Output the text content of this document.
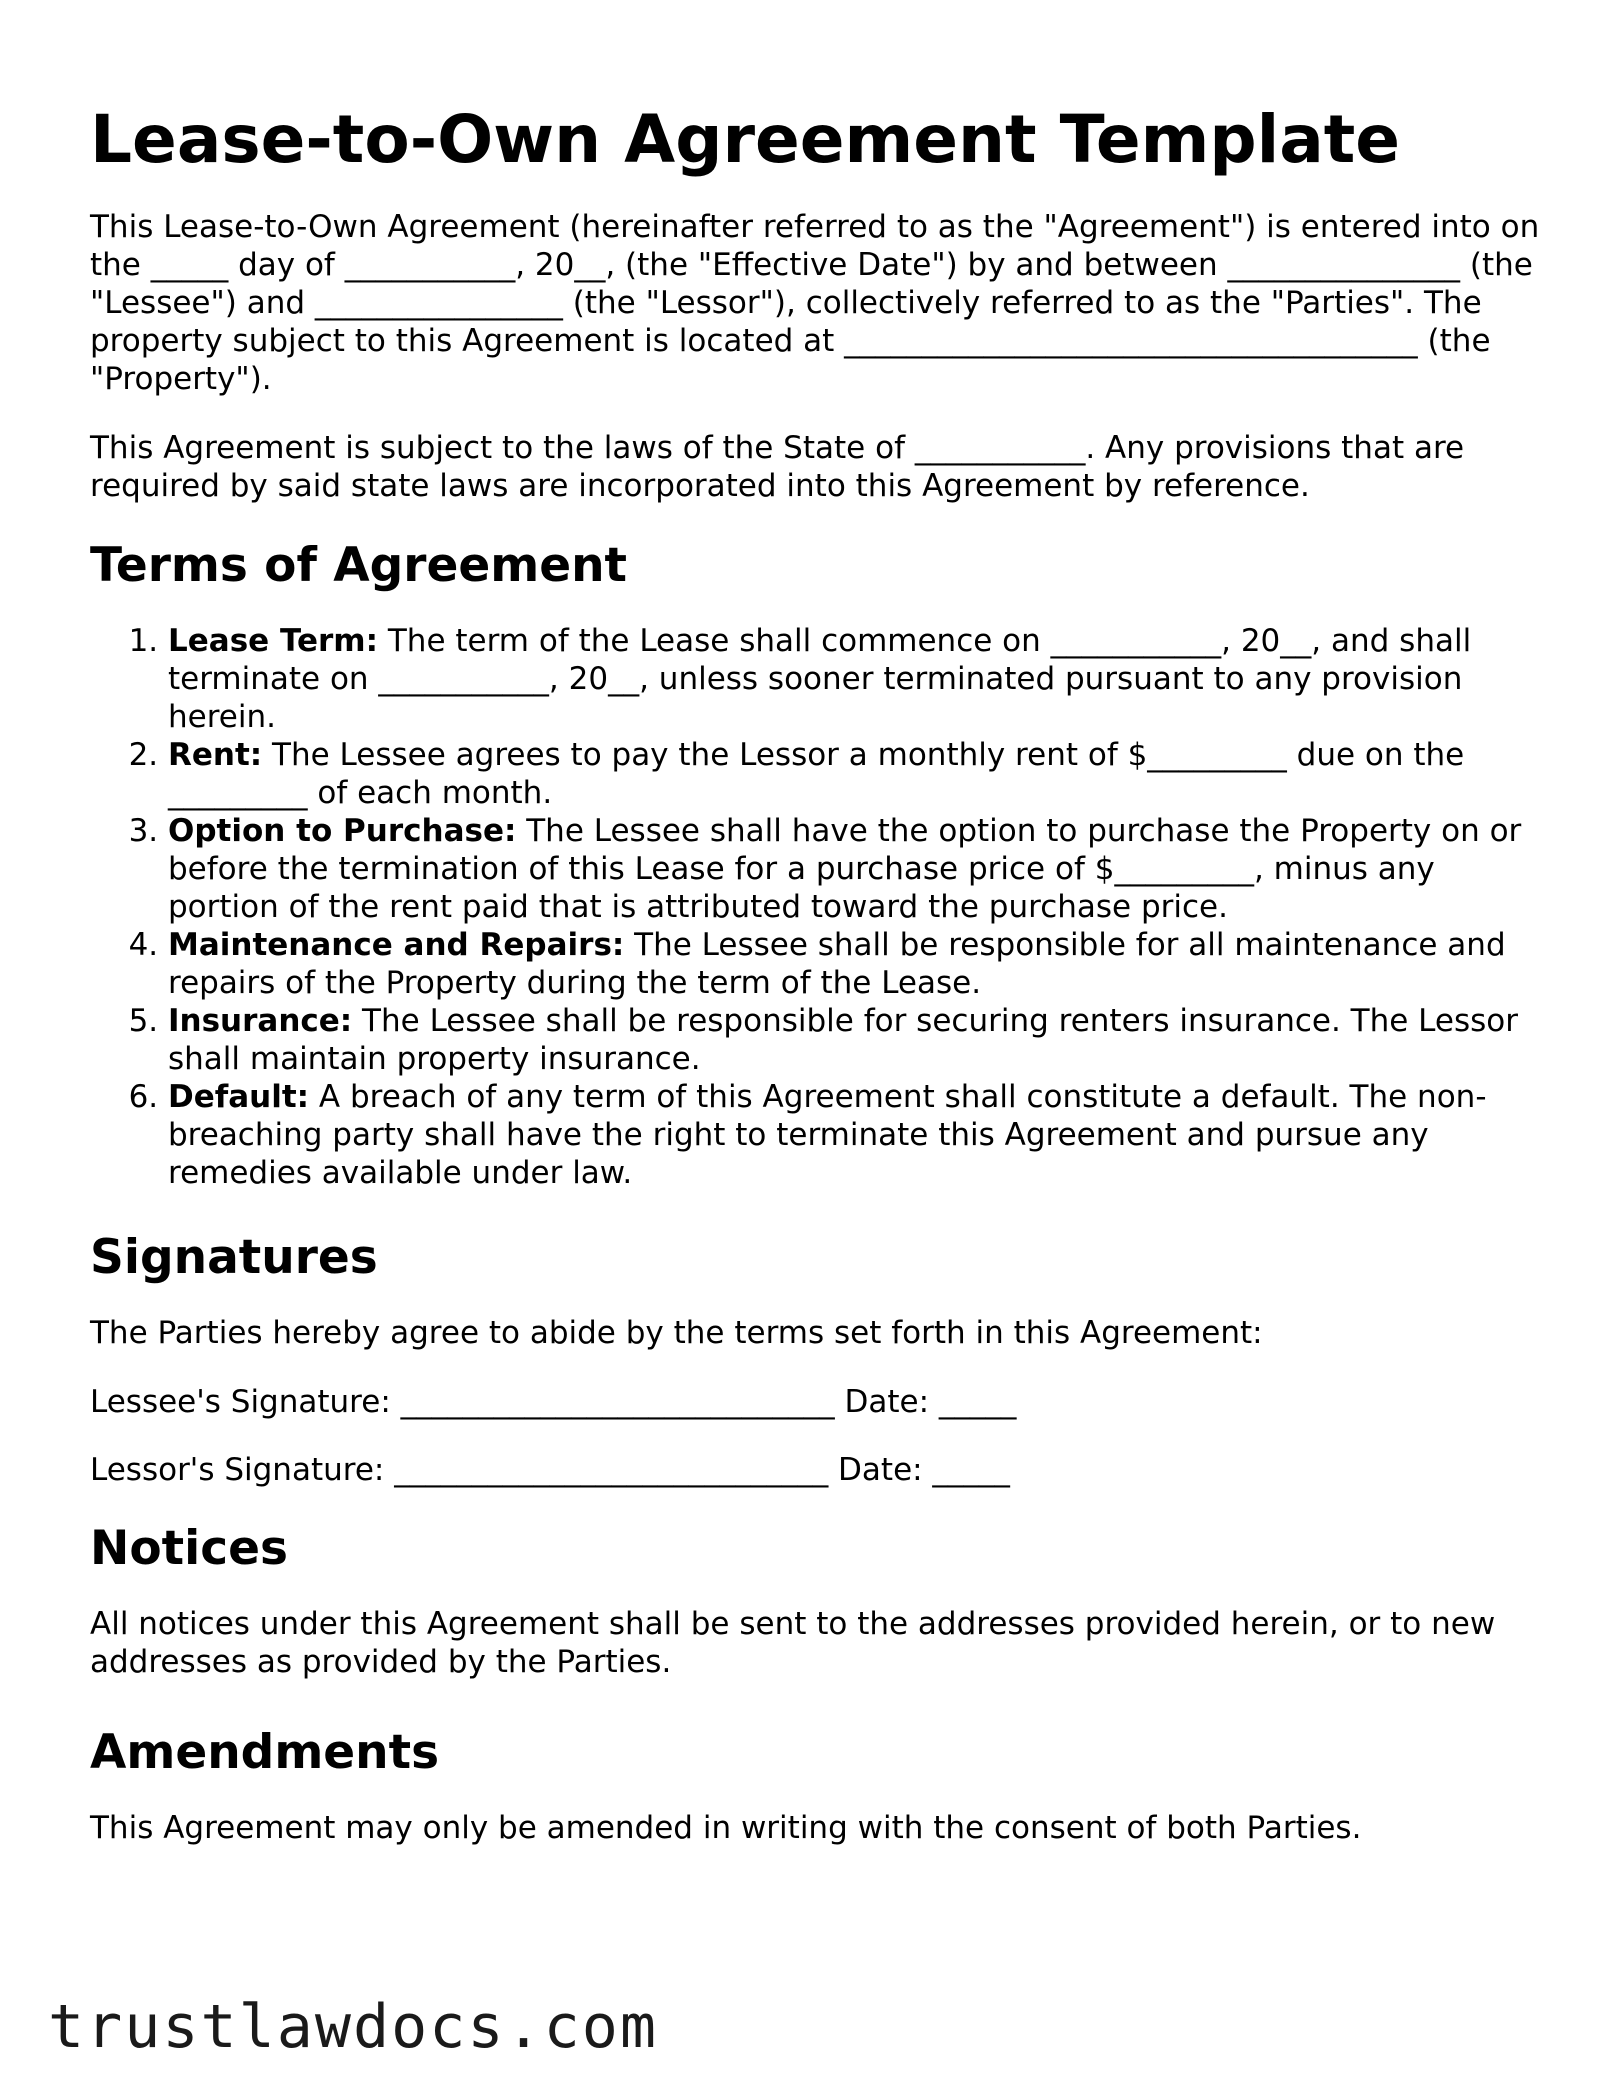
Lease-to-Own Agreement Template

This Lease-to-Own Agreement (hereinafter referred to as the "Agreement") is entered into on the _____ day of ___________, 20__, (the "Effective Date") by and between _______________ (the "Lessee") and ________________ (the "Lessor"), collectively referred to as the "Parties". The property subject to this Agreement is located at _____________________________________ (the "Property").

This Agreement is subject to the laws of the State of ___________. Any provisions that are required by said state laws are incorporated into this Agreement by reference.

Terms of Agreement
1. Lease Term: The term of the Lease shall commence on ___________, 20__, and shall terminate on ___________, 20__, unless sooner terminated pursuant to any provision herein.
2. Rent: The Lessee agrees to pay the Lessor a monthly rent of $_________ due on the _________ of each month.
3. Option to Purchase: The Lessee shall have the option to purchase the Property on or before the termination of this Lease for a purchase price of $_________, minus any portion of the rent paid that is attributed toward the purchase price.
4. Maintenance and Repairs: The Lessee shall be responsible for all maintenance and repairs of the Property during the term of the Lease.
5. Insurance: The Lessee shall be responsible for securing renters insurance. The Lessor shall maintain property insurance.
6. Default: A breach of any term of this Agreement shall constitute a default. The non-breaching party shall have the right to terminate this Agreement and pursue any remedies available under law.
Signatures

The Parties hereby agree to abide by the terms set forth in this Agreement:

Lessee's Signature: ____________________________ Date: _____

Lessor's Signature: ____________________________ Date: _____

Notices

All notices under this Agreement shall be sent to the addresses provided herein, or to new addresses as provided by the Parties.

Amendments

This Agreement may only be amended in writing with the consent of both Parties.

trustlawdocs.com
